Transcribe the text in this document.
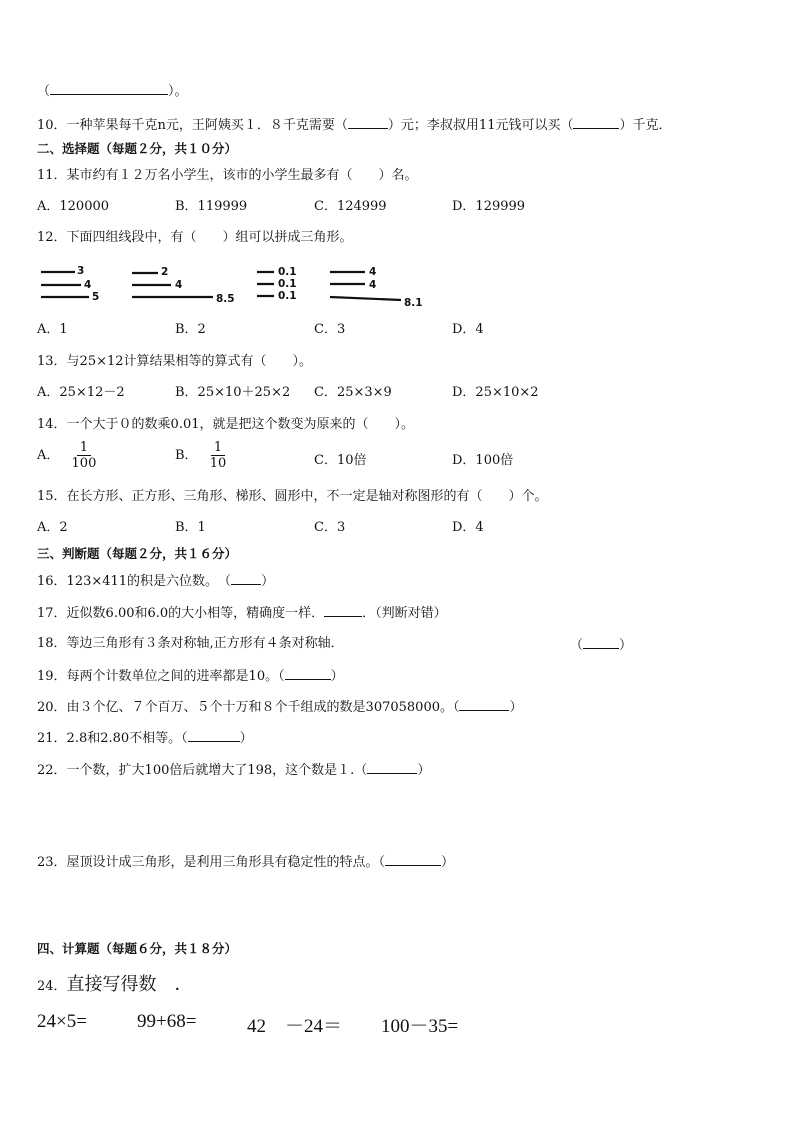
（	）。
10．一种苹果每千克n元，王阿姨买１．８千克需要（	）元；李叔叔用11元钱可以买（	）千克．
二、选择题（每题２分，共１０分）
11．某市约有１２万名小学生，该市的小学生最多有（　　）名。
A．120000	B．119999	C．124999	D．129999
12．下面四组线段中，有（　　）组可以拼成三角形。
3
4
5
2
4
8.5
0.1
0.1
0.1
4
4
8.1
A．1	B．2	C．3	D．4
13．与25×12计算结果相等的算式有（　　）。
A．25×12－2	B．25×10＋25×2 C．25×3×9	D．25×10×2
14．一个大于０的数乘0.01，就是把这个数变为原来的（　　）。
A． $\frac{1}{100}$	B． $\frac{1}{10}$	C．10倍	D．100倍
15．在长方形、正方形、三角形、梯形、圆形中，不一定是轴对称图形的有（　　）个。
A．2	B．1	C．3	D．4
三、判断题（每题２分，共１６分）
16．123×411的积是六位数。　（ ）
17．近似数6.00和6.0的大小相等，精确度一样．	．（判断对错）
18．等边三角形有３条对称轴,正方形有４条对称轴．	（	）
19．每两个计数单位之间的进率都是10。（	）
20．由３个亿、７个百万、５个十万和８个千组成的数是307058000。（	）
21．2.8和2.80不相等。（	）
22．一个数，扩大100倍后就增大了198，这个数是１.（	）
23．屋顶设计成三角形，是利用三角形具有稳定性的特点。（	）
四、计算题（每题６分，共１８分）
24．直接写得数　．
24×5=	99+68=	42　－24＝ 100－35=
